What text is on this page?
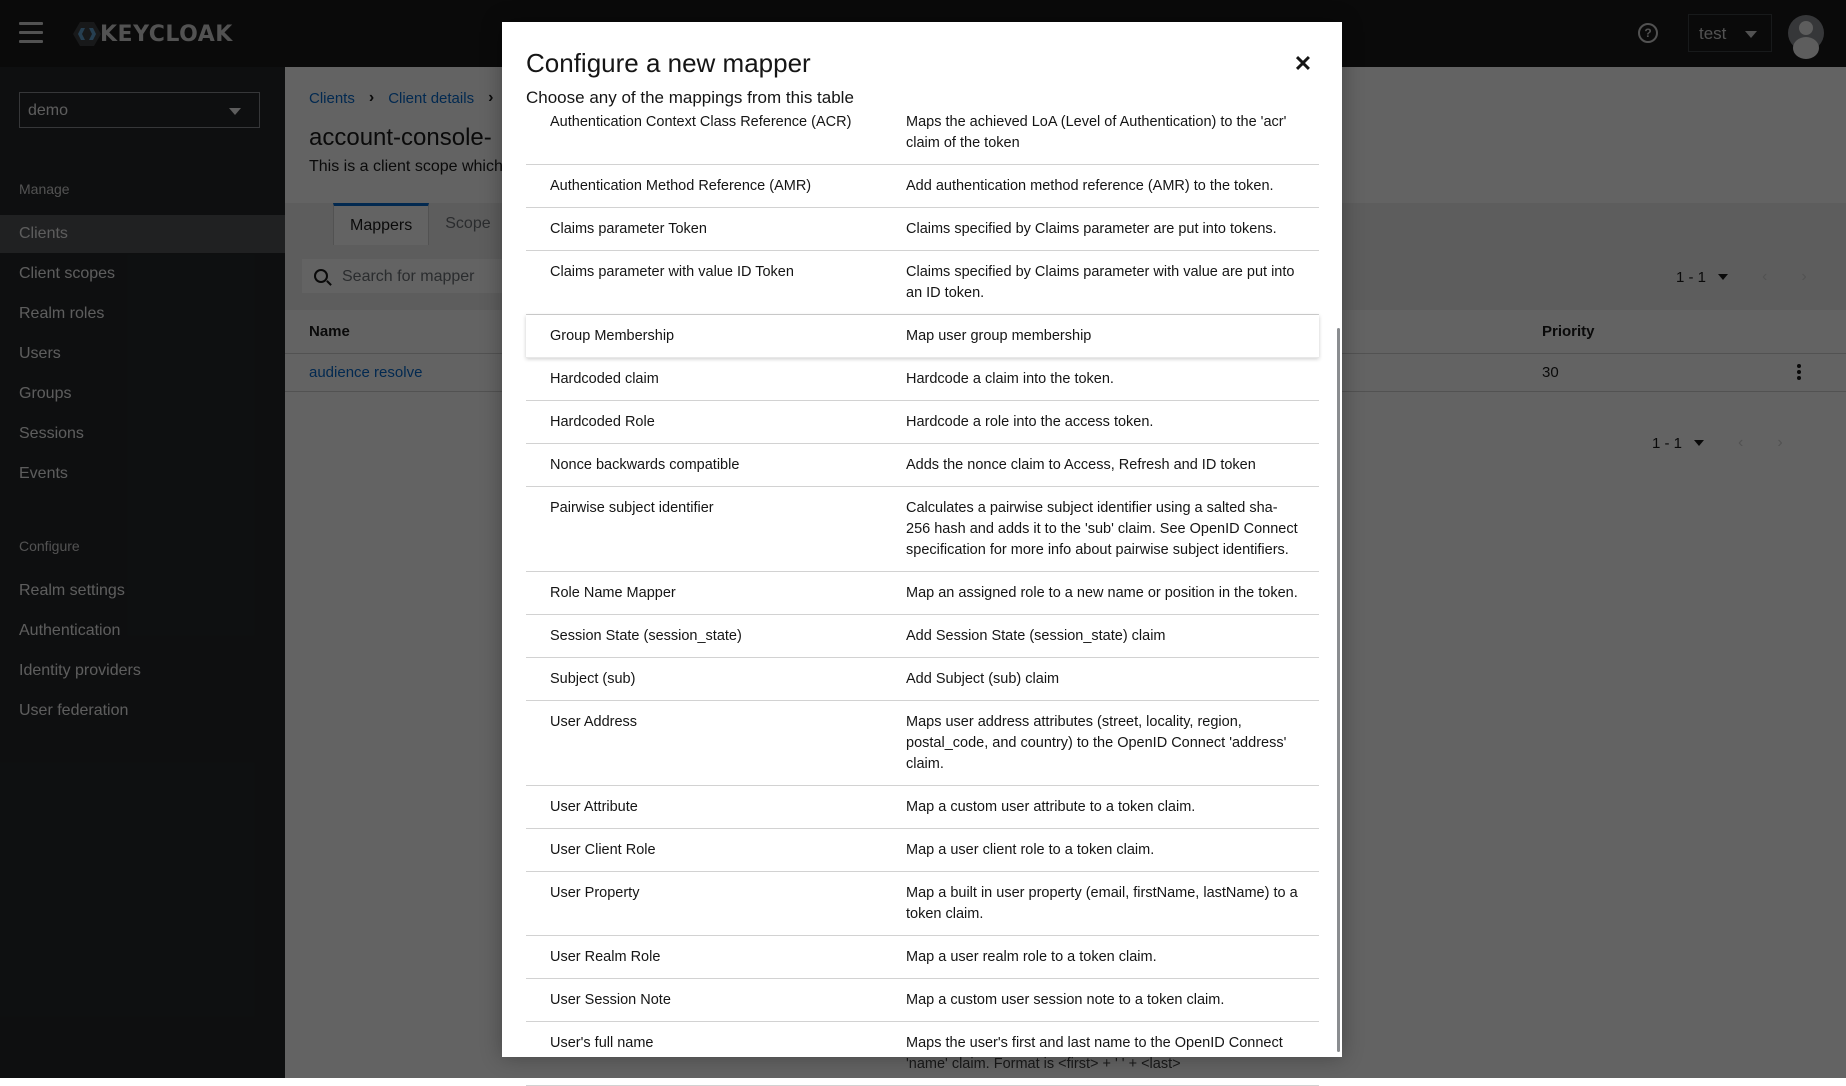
Configure a new mapper	✕
Choose any of the mappings from this table
Authentication Context Class Reference (ACR)	Maps the achieved LoA (Level of Authentication) to the 'acr' claim of the token
Authentication Method Reference (AMR)	Add authentication method reference (AMR) to the token.
Claims parameter Token	Claims specified by Claims parameter are put into tokens.
Claims parameter with value ID Token	Claims specified by Claims parameter with value are put into an ID token.
Group Membership	Map user group membership
Hardcoded claim	Hardcode a claim into the token.
Hardcoded Role	Hardcode a role into the access token.
Nonce backwards compatible	Adds the nonce claim to Access, Refresh and ID token
Pairwise subject identifier	Calculates a pairwise subject identifier using a salted sha-256 hash and adds it to the 'sub' claim. See OpenID Connect specification for more info about pairwise subject identifiers.
Role Name Mapper	Map an assigned role to a new name or position in the token.
Session State (session_state)	Add Session State (session_state) claim
Subject (sub)	Add Subject (sub) claim
User Address	Maps user address attributes (street, locality, region, postal_code, and country) to the OpenID Connect 'address' claim.
User Attribute	Map a custom user attribute to a token claim.
User Client Role	Map a user client role to a token claim.
User Property	Map a built in user property (email, firstName, lastName) to a token claim.
User Realm Role	Map a user realm role to a token claim.
User Session Note	Map a custom user session note to a token claim.
User's full name	Maps the user's first and last name to the OpenID Connect 'name' claim. Format is <first> + ' ' + <last>
